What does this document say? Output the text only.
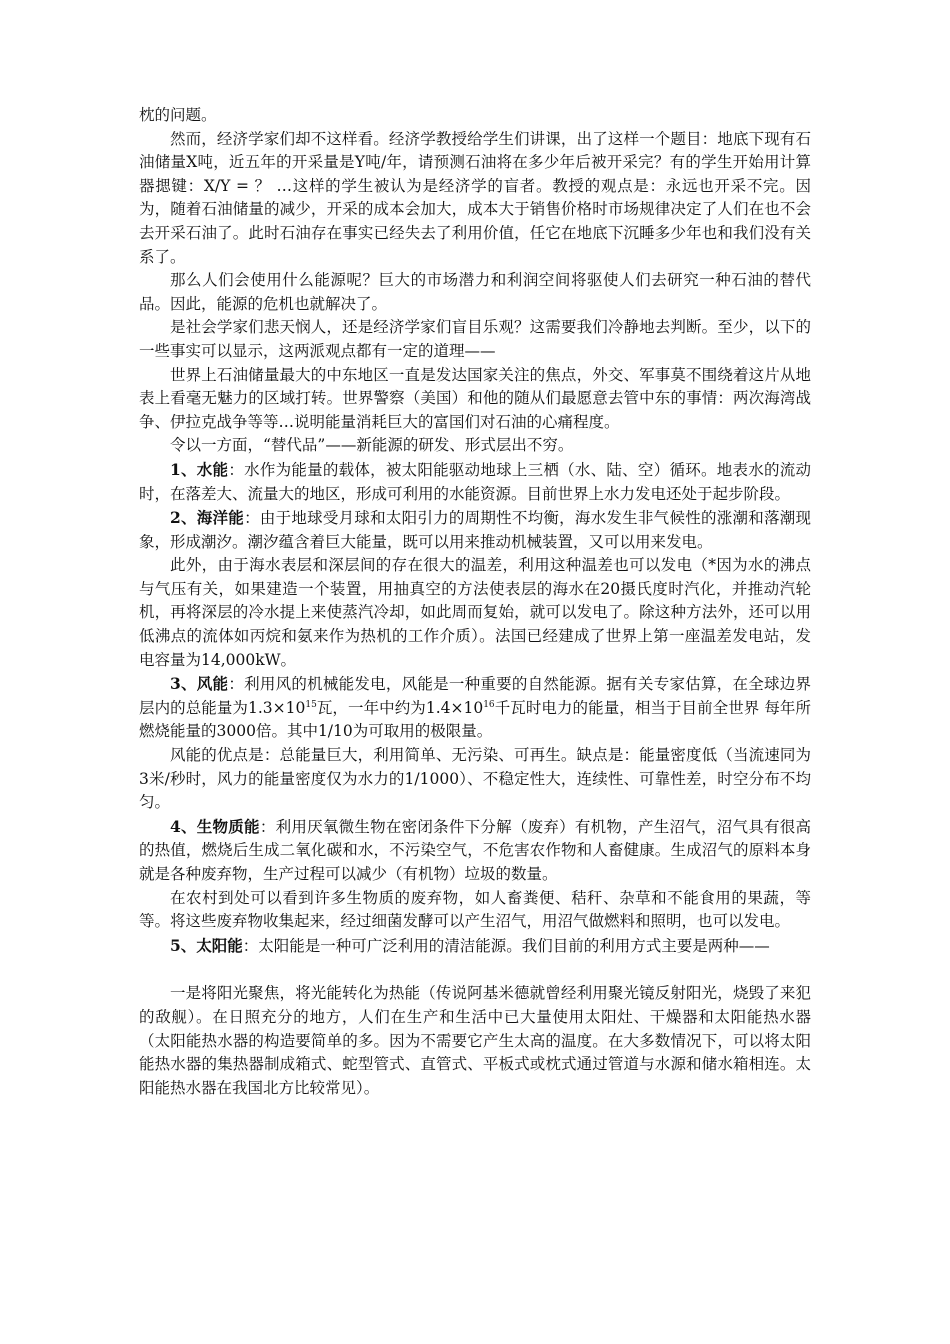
枕的问题。

然而，经济学家们却不这样看。经济学教授给学生们讲课，出了这样一个题目：地底下现有石油储量X吨，近五年的开采量是Y吨/年，请预测石油将在多少年后被开采完？有的学生开始用计算器揌键：X/Y = ？ …这样的学生被认为是经济学的盲者。教授的观点是：永远也开采不完。因为，随着石油储量的减少，开采的成本会加大，成本大于销售价格时市场规律决定了人们在也不会去开采石油了。此时石油存在事实已经失去了利用价值，任它在地底下沉睡多少年也和我们没有关系了。

那么人们会使用什么能源呢？巨大的市场潜力和利润空间将驱使人们去研究一种石油的替代品。因此，能源的危机也就解决了。

是社会学家们悲天悯人，还是经济学家们盲目乐观？这需要我们冷静地去判断。至少，以下的一些事实可以显示，这两派观点都有一定的道理——

世界上石油储量最大的中东地区一直是发达国家关注的焦点，外交、军事莫不围绕着这片从地表上看毫无魅力的区域打转。世界警察（美国）和他的随从们最愿意去管中东的事情：两次海湾战争、伊拉克战争等等…说明能量消耗巨大的富国们对石油的心痛程度。

令以一方面，“替代品”——新能源的研发、形式层出不穷。

1、水能：水作为能量的载体，被太阳能驱动地球上三栖（水、陆、空）循环。地表水的流动时，在落差大、流量大的地区，形成可利用的水能资源。目前世界上水力发电还处于起步阶段。

2、海洋能：由于地球受月球和太阳引力的周期性不均衡，海水发生非气候性的涨潮和落潮现象，形成潮汐。潮汐蕴含着巨大能量，既可以用来推动机械装置，又可以用来发电。

此外，由于海水表层和深层间的存在很大的温差，利用这种温差也可以发电（*因为水的沸点与气压有关，如果建造一个装置，用抽真空的方法使表层的海水在20摄氏度时汽化，并推动汽轮机，再将深层的冷水提上来使蒸汽冷却，如此周而复始，就可以发电了。除这种方法外，还可以用低沸点的流体如丙烷和氨来作为热机的工作介质）。法国已经建成了世界上第一座温差发电站，发电容量为14,000kW。

3、风能：利用风的机械能发电，风能是一种重要的自然能源。据有关专家估算，在全球边界层内的总能量为$1.3\times 10^{15}$瓦，一年中约为$1.4\times 10^{16}$千瓦时电力的能量，相当于目前全世界 每年所燃烧能量的3000倍。其中1/10为可取用的极限量。

风能的优点是：总能量巨大，利用简单、无污染、可再生。缺点是：能量密度低（当流速同为3米/秒时，风力的能量密度仅为水力的1/1000）、不稳定性大，连续性、可靠性差，时空分布不均匀。

4、生物质能：利用厌氧微生物在密闭条件下分解（废弃）有机物，产生沼气，沼气具有很高的热值，燃烧后生成二氧化碳和水，不污染空气，不危害农作物和人畜健康。生成沼气的原料本身就是各种废弃物，生产过程可以减少（有机物）垃圾的数量。

在农村到处可以看到许多生物质的废弃物，如人畜粪便、秸秆、杂草和不能食用的果蔬，等等。将这些废弃物收集起来，经过细菌发酵可以产生沼气，用沼气做燃料和照明，也可以发电。

5、太阳能：太阳能是一种可广泛利用的清洁能源。我们目前的利用方式主要是两种——

一是将阳光聚焦，将光能转化为热能（传说阿基米德就曾经利用聚光镜反射阳光，烧毁了来犯的敌舰）。在日照充分的地方，人们在生产和生活中已大量使用太阳灶、干燥器和太阳能热水器（太阳能热水器的构造要简单的多。因为不需要它产生太高的温度。在大多数情况下，可以将太阳能热水器的集热器制成箱式、蛇型管式、直管式、平板式或枕式通过管道与水源和储水箱相连。太阳能热水器在我国北方比较常见）。
